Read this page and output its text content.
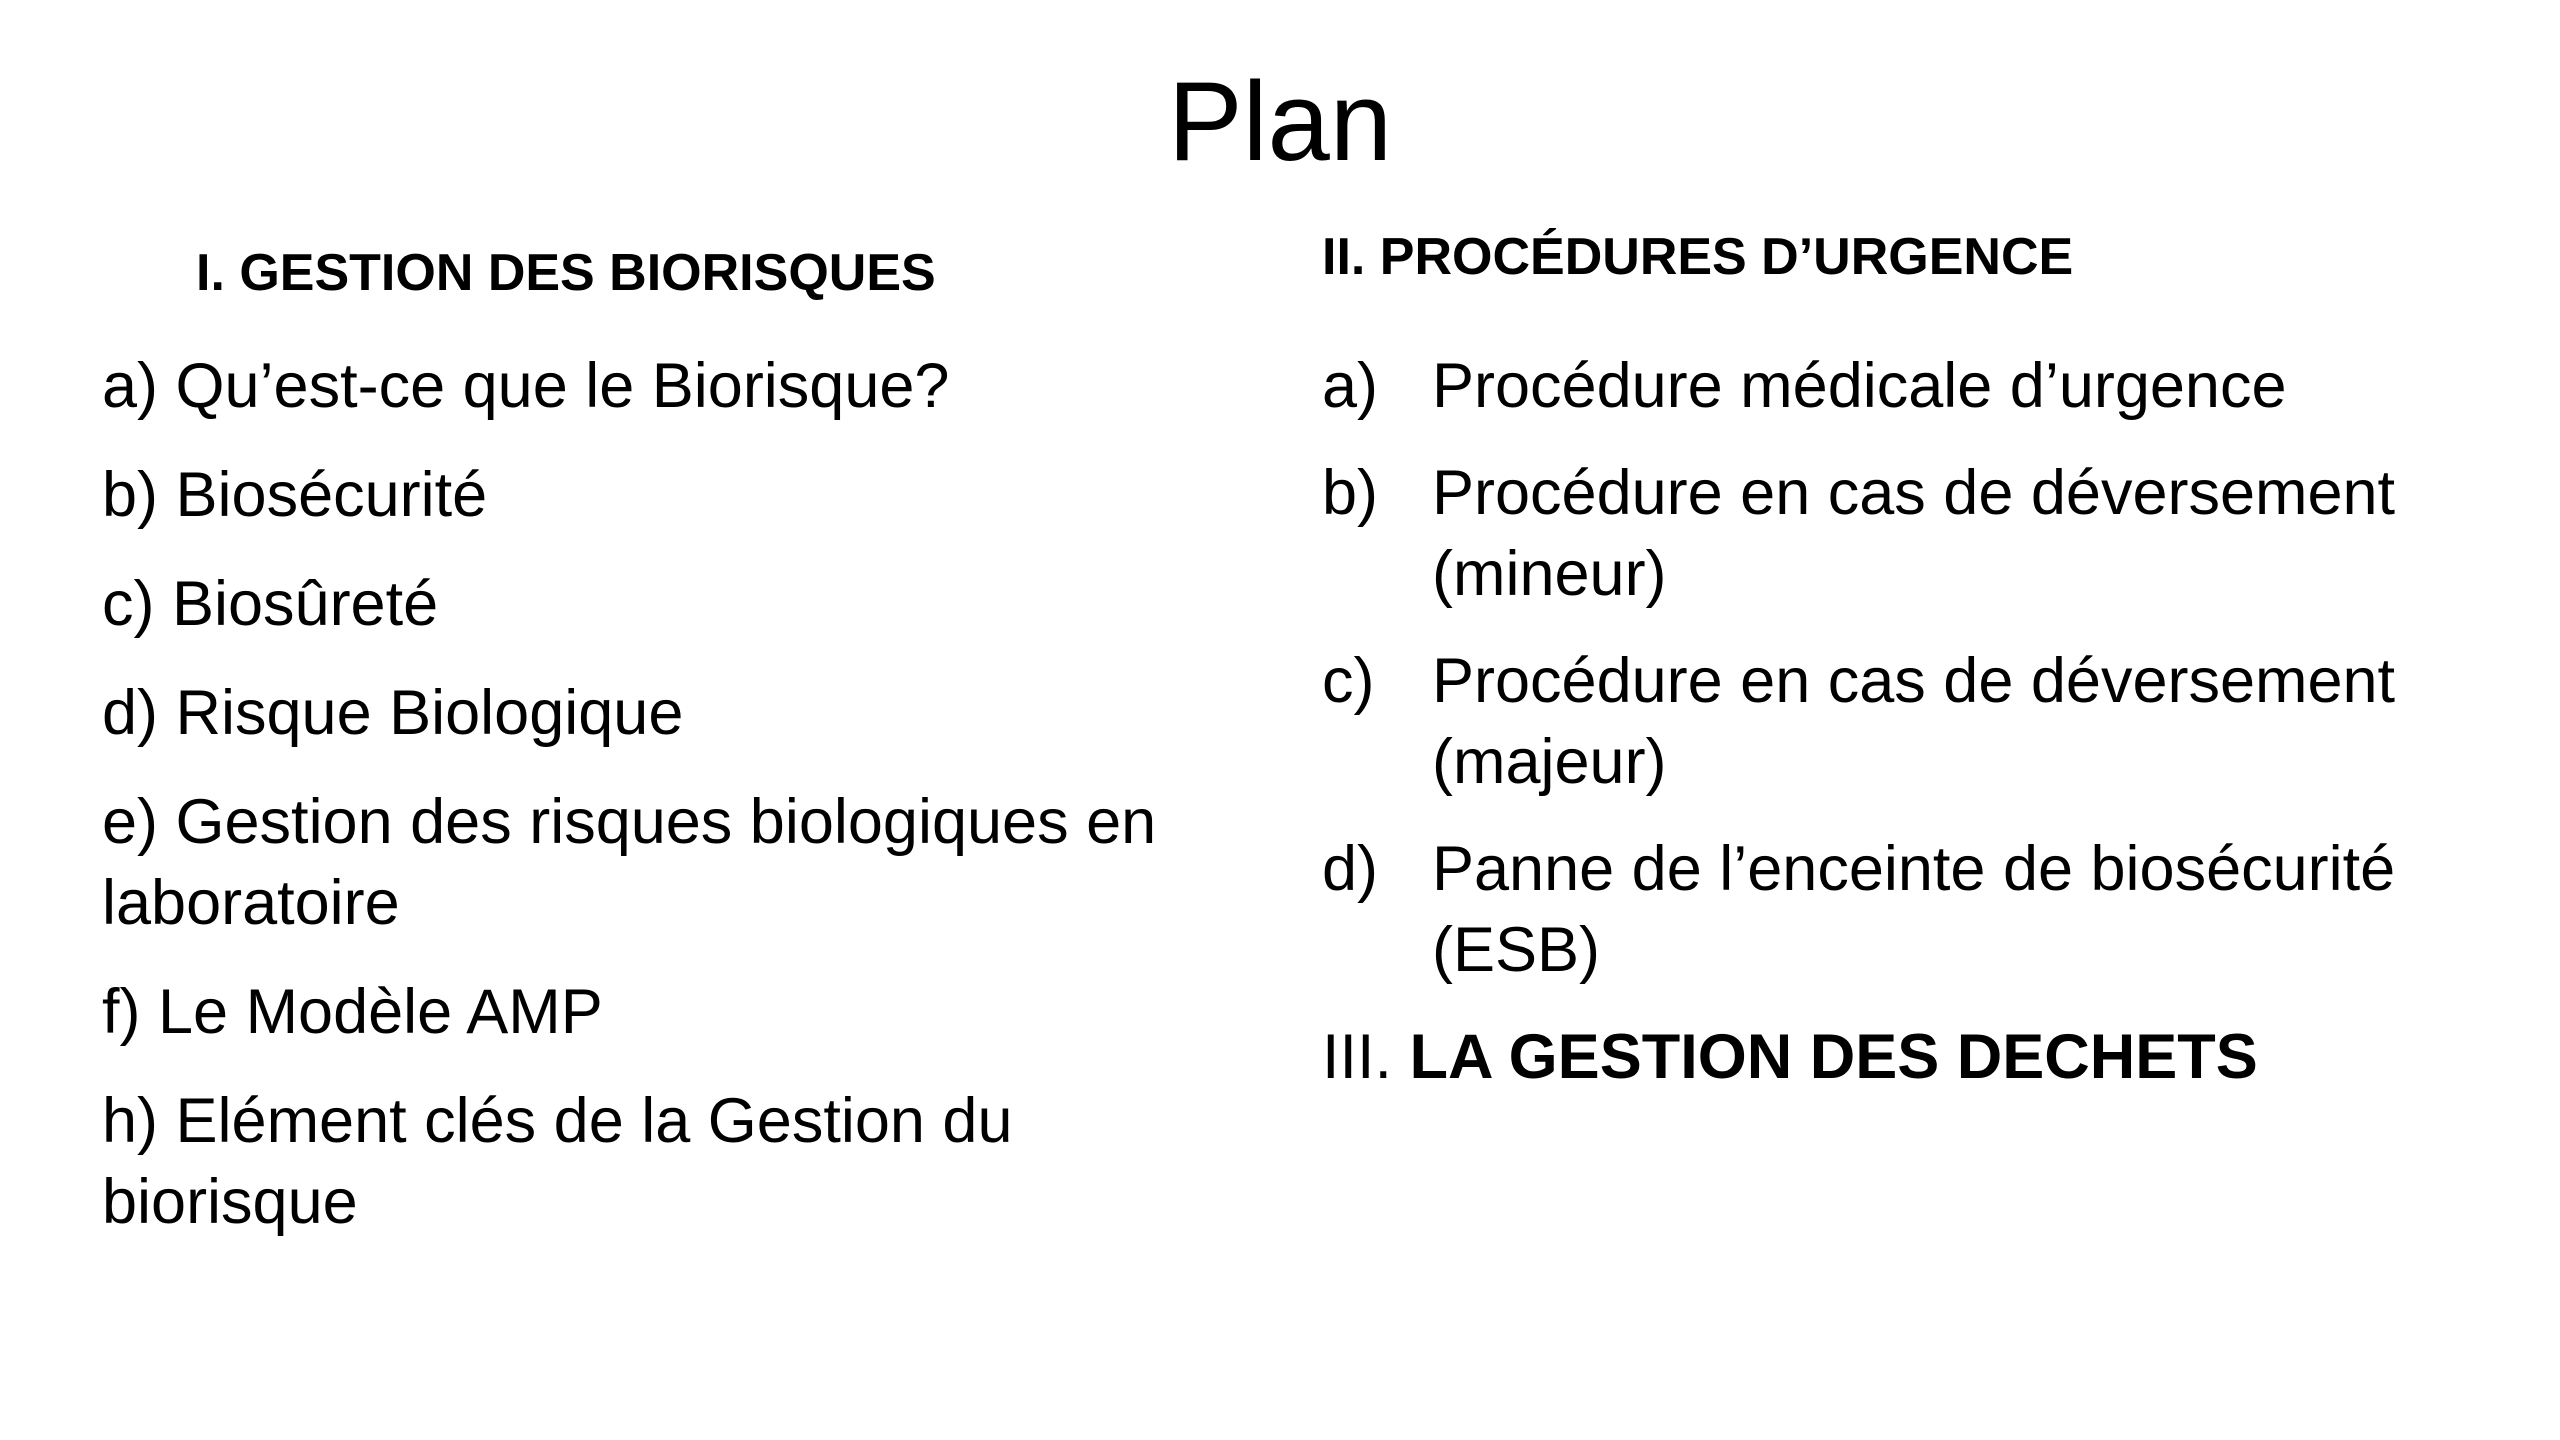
Plan
I. GESTION DES BIORISQUES
a) Qu’est-ce que le Biorisque?
b) Biosécurité
c) Biosûreté
d) Risque Biologique
e) Gestion des risques biologiques en laboratoire
f) Le Modèle AMP
h) Elément clés de la Gestion du biorisque
II. PROCÉDURES D’URGENCE
a) Procédure médicale d’urgence
b) Procédure en cas de déversement (mineur)
c) Procédure en cas de déversement (majeur)
d) Panne de l’enceinte de biosécurité (ESB)
III. LA GESTION DES DECHETS
